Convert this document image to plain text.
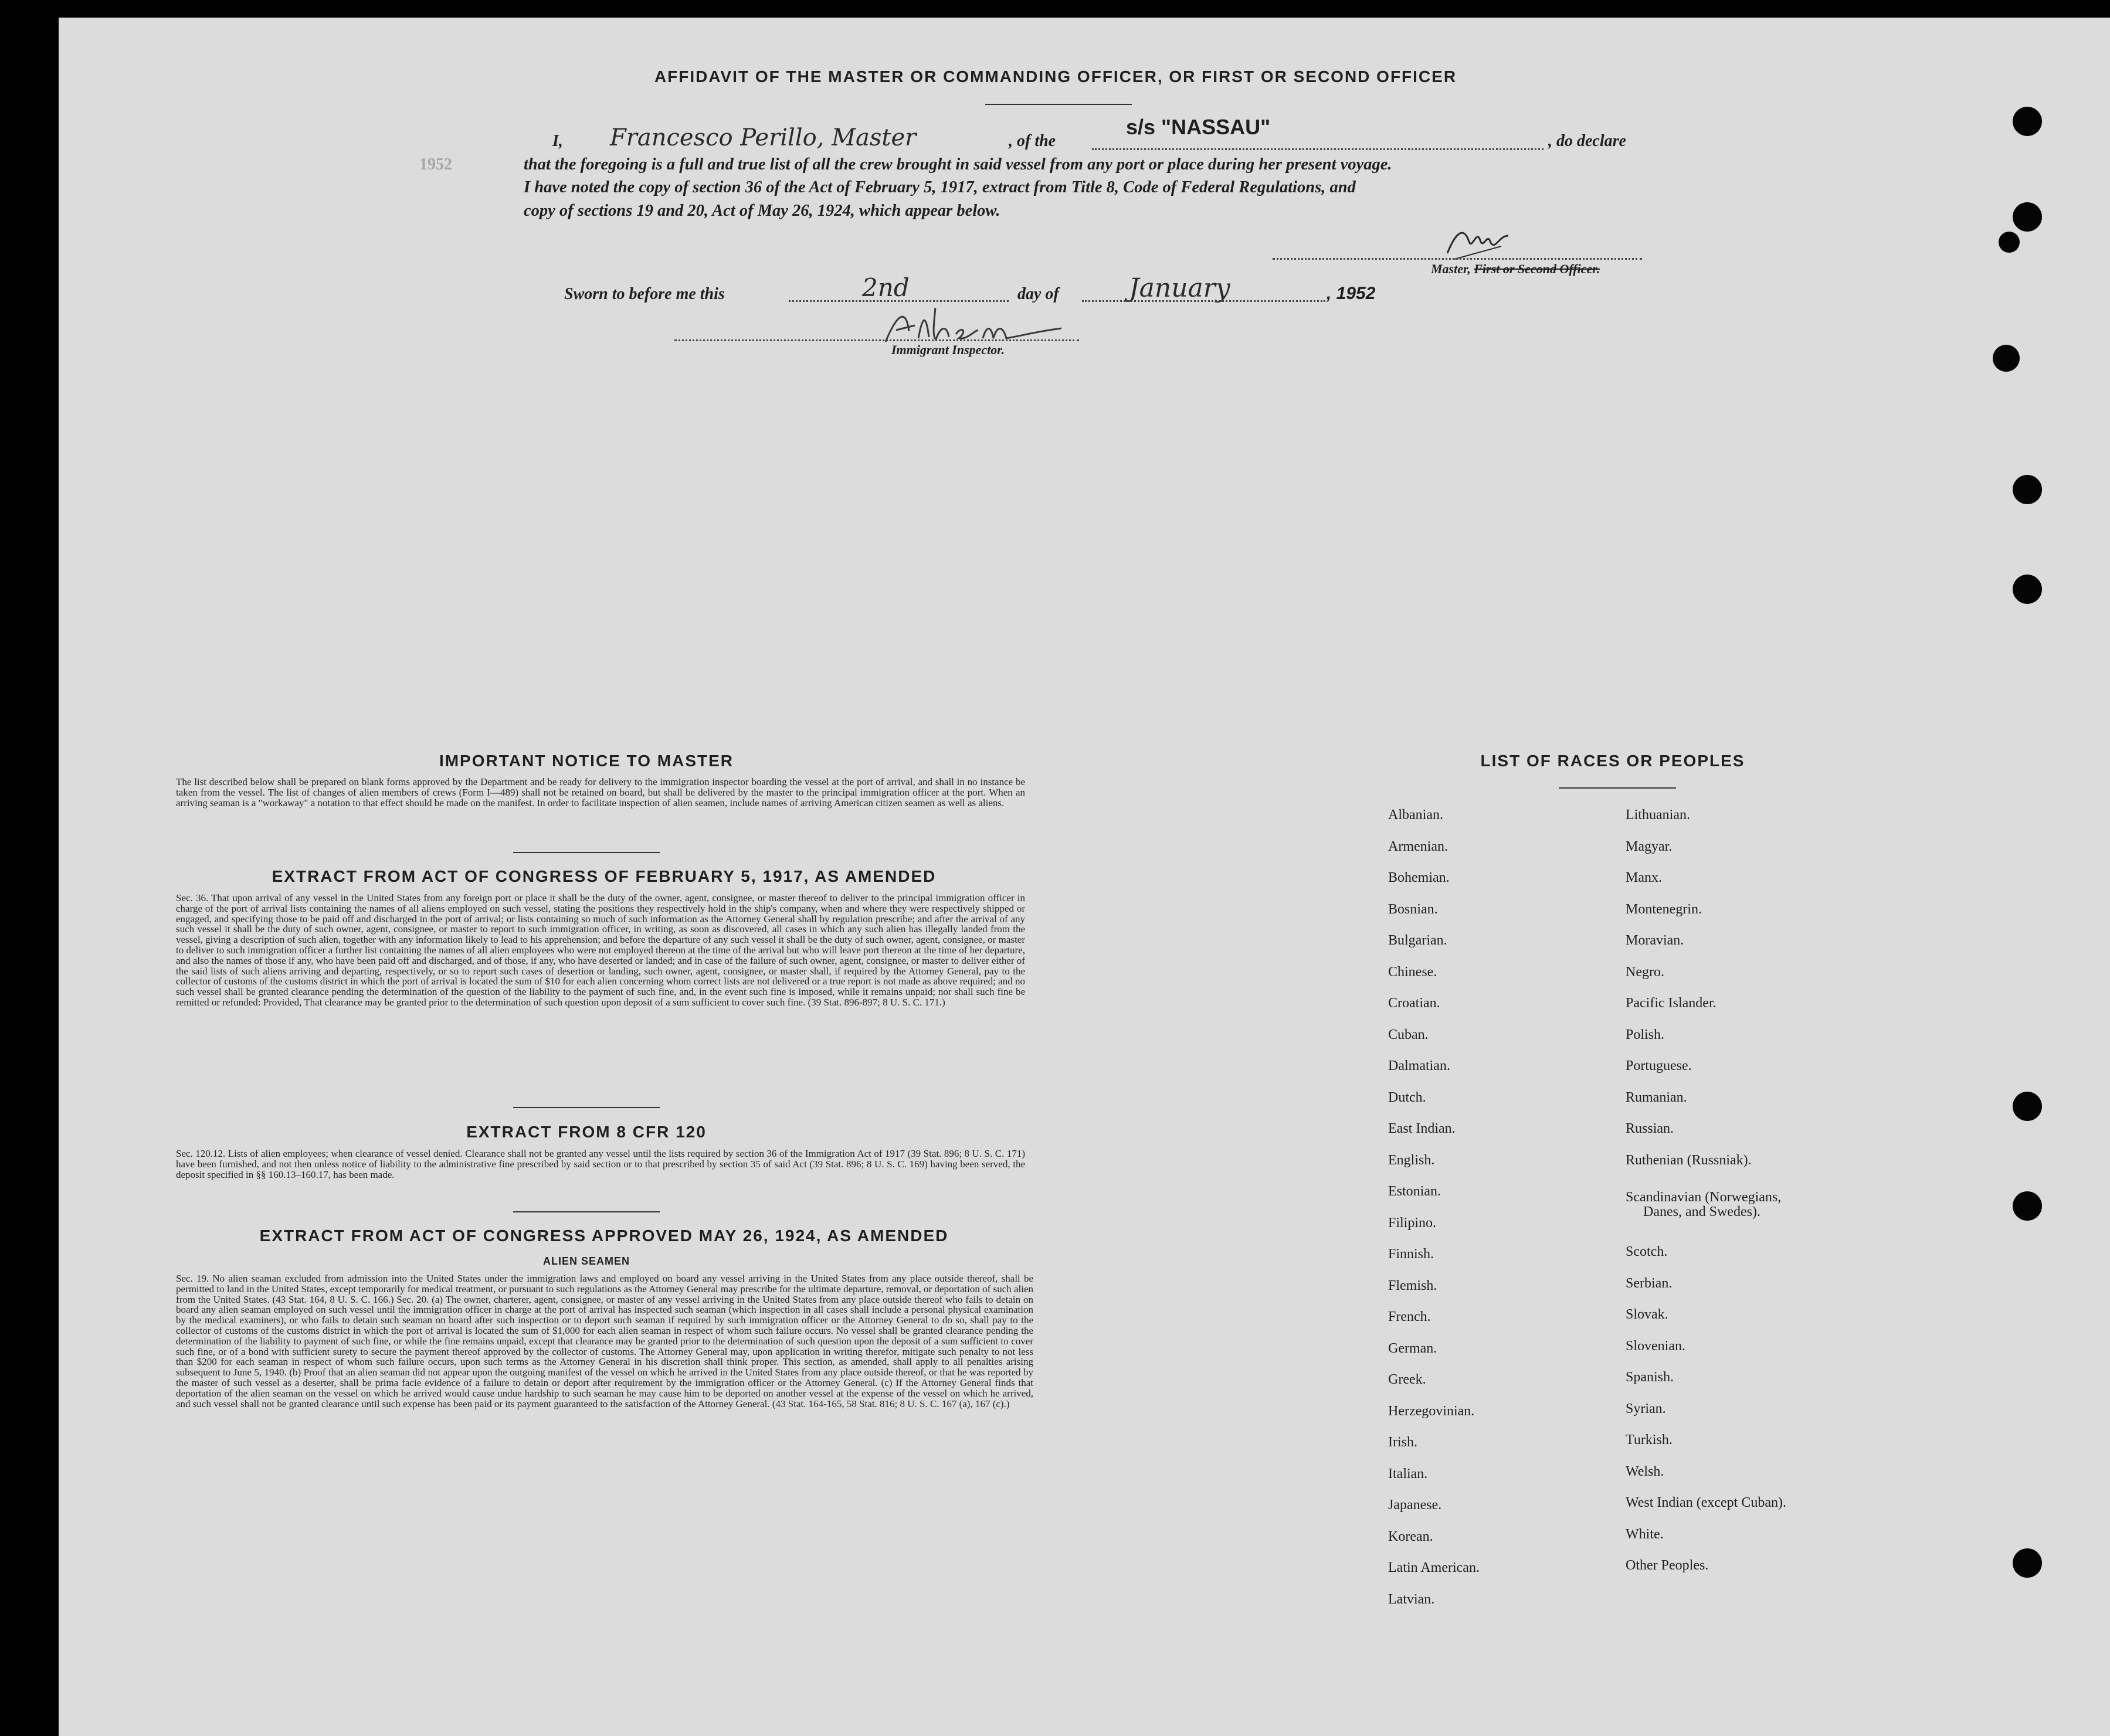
AFFIDAVIT OF THE MASTER OR COMMANDING OFFICER, OR FIRST OR SECOND OFFICER
I, Francesco Perillo, Master	, of the
s/s "NASSAU"
, do declare
that the foregoing is a full and true list of all the crew brought in said vessel from any port or place during her present voyage.
I have noted the copy of section 36 of the Act of February 5, 1917, extract from Title 8, Code of Federal Regulations, and
copy of sections 19 and 20, Act of May 26, 1924, which appear below.
1952
Master, First or Second Officer.
Sworn to before me this	2nd	day of	January	, 1952
Immigrant Inspector.
IMPORTANT NOTICE TO MASTER
The list described below shall be prepared on blank forms approved by the Department and be ready for delivery to the immigration inspector boarding the vessel at the port of arrival, and shall in no instance be taken from the vessel. The list of changes of alien members of crews (Form I—489) shall not be retained on board, but shall be delivered by the master to the principal immigration officer at the port. When an arriving seaman is a "workaway" a notation to that effect should be made on the manifest. In order to facilitate inspection of alien seamen, include names of arriving American citizen seamen as well as aliens.
EXTRACT FROM ACT OF CONGRESS OF FEBRUARY 5, 1917, AS AMENDED
Sec. 36. That upon arrival of any vessel in the United States from any foreign port or place it shall be the duty of the owner, agent, consignee, or master thereof to deliver to the principal immigration officer in charge of the port of arrival lists containing the names of all aliens employed on such vessel, stating the positions they respectively hold in the ship's company, when and where they were respectively shipped or engaged, and specifying those to be paid off and discharged in the port of arrival; or lists containing so much of such information as the Attorney General shall by regulation prescribe; and after the arrival of any such vessel it shall be the duty of such owner, agent, consignee, or master to report to such immigration officer, in writing, as soon as discovered, all cases in which any such alien has illegally landed from the vessel, giving a description of such alien, together with any information likely to lead to his apprehension; and before the departure of any such vessel it shall be the duty of such owner, agent, consignee, or master to deliver to such immigration officer a further list containing the names of all alien employees who were not employed thereon at the time of the arrival but who will leave port thereon at the time of her departure, and also the names of those if any, who have been paid off and discharged, and of those, if any, who have deserted or landed; and in case of the failure of such owner, agent, consignee, or master to deliver either of the said lists of such aliens arriving and departing, respectively, or so to report such cases of desertion or landing, such owner, agent, consignee, or master shall, if required by the Attorney General, pay to the collector of customs of the customs district in which the port of arrival is located the sum of $10 for each alien concerning whom correct lists are not delivered or a true report is not made as above required; and no such vessel shall be granted clearance pending the determination of the question of the liability to the payment of such fine, and, in the event such fine is imposed, while it remains unpaid; nor shall such fine be remitted or refunded: Provided, That clearance may be granted prior to the determination of such question upon deposit of a sum sufficient to cover such fine. (39 Stat. 896-897; 8 U. S. C. 171.)
EXTRACT FROM 8 CFR 120
Sec. 120.12. Lists of alien employees; when clearance of vessel denied. Clearance shall not be granted any vessel until the lists required by section 36 of the Immigration Act of 1917 (39 Stat. 896; 8 U. S. C. 171) have been furnished, and not then unless notice of liability to the administrative fine prescribed by said section or to that prescribed by section 35 of said Act (39 Stat. 896; 8 U. S. C. 169) having been served, the deposit specified in §§ 160.13–160.17, has been made.
EXTRACT FROM ACT OF CONGRESS APPROVED MAY 26, 1924, AS AMENDED
ALIEN SEAMEN
Sec. 19. No alien seaman excluded from admission into the United States under the immigration laws and employed on board any vessel arriving in the United States from any place outside thereof, shall be permitted to land in the United States, except temporarily for medical treatment, or pursuant to such regulations as the Attorney General may prescribe for the ultimate departure, removal, or deportation of such alien from the United States. (43 Stat. 164, 8 U. S. C. 166.) Sec. 20. (a) The owner, charterer, agent, consignee, or master of any vessel arriving in the United States from any place outside thereof who fails to detain on board any alien seaman employed on such vessel until the immigration officer in charge at the port of arrival has inspected such seaman (which inspection in all cases shall include a personal physical examination by the medical examiners), or who fails to detain such seaman on board after such inspection or to deport such seaman if required by such immigration officer or the Attorney General to do so, shall pay to the collector of customs of the customs district in which the port of arrival is located the sum of $1,000 for each alien seaman in respect of whom such failure occurs. No vessel shall be granted clearance pending the determination of the liability to payment of such fine, or while the fine remains unpaid, except that clearance may be granted prior to the determination of such question upon the deposit of a sum sufficient to cover such fine, or of a bond with sufficient surety to secure the payment thereof approved by the collector of customs. The Attorney General may, upon application in writing therefor, mitigate such penalty to not less than $200 for each seaman in respect of whom such failure occurs, upon such terms as the Attorney General in his discretion shall think proper. This section, as amended, shall apply to all penalties arising subsequent to June 5, 1940. (b) Proof that an alien seaman did not appear upon the outgoing manifest of the vessel on which he arrived in the United States from any place outside thereof, or that he was reported by the master of such vessel as a deserter, shall be prima facie evidence of a failure to detain or deport after requirement by the immigration officer or the Attorney General. (c) If the Attorney General finds that deportation of the alien seaman on the vessel on which he arrived would cause undue hardship to such seaman he may cause him to be deported on another vessel at the expense of the vessel on which he arrived, and such vessel shall not be granted clearance until such expense has been paid or its payment guaranteed to the satisfaction of the Attorney General. (43 Stat. 164-165, 58 Stat. 816; 8 U. S. C. 167 (a), 167 (c).)
LIST OF RACES OR PEOPLES
Albanian.
Armenian.
Bohemian.
Bosnian.
Bulgarian.
Chinese.
Croatian.
Cuban.
Dalmatian.
Dutch.
East Indian.
English.
Estonian.
Filipino.
Finnish.
Flemish.
French.
German.
Greek.
Herzegovinian.
Irish.
Italian.
Japanese.
Korean.
Latin American.
Latvian.
Lithuanian.
Magyar.
Manx.
Montenegrin.
Moravian.
Negro.
Pacific Islander.
Polish.
Portuguese.
Rumanian.
Russian.
Ruthenian (Russniak).
Scandinavian (Norwegians,
Danes, and Swedes).
Scotch.
Serbian.
Slovak.
Slovenian.
Spanish.
Syrian.
Turkish.
Welsh.
West Indian (except Cuban).
White.
Other Peoples.
